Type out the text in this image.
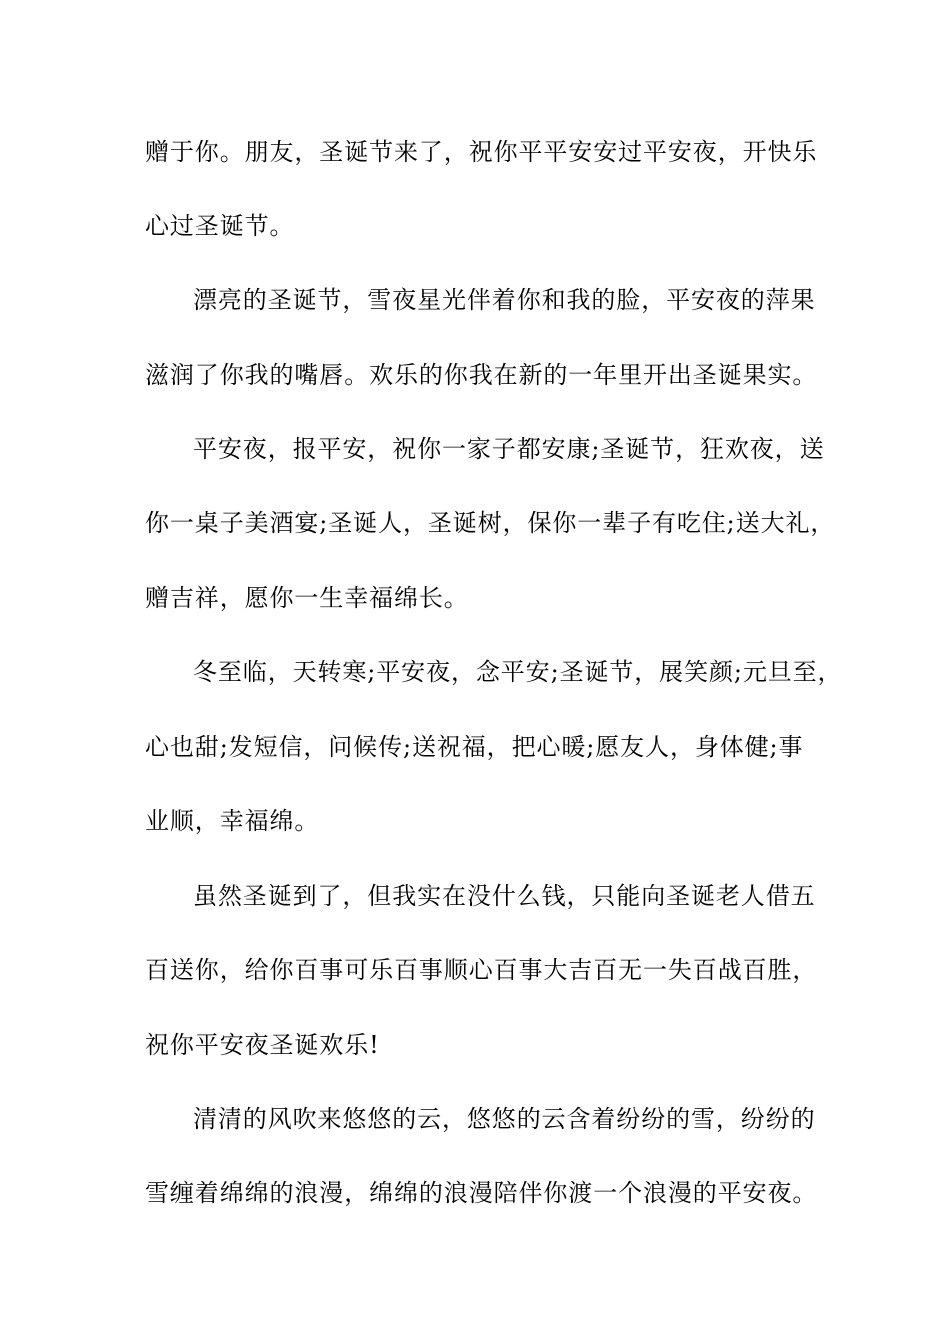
赠于你。朋友，圣诞节来了，祝你平平安安过平安夜，开快乐
心过圣诞节。
漂亮的圣诞节，雪夜星光伴着你和我的脸，平安夜的萍果
滋润了你我的嘴唇。欢乐的你我在新的一年里开出圣诞果实。
平安夜，报平安，祝你一家子都安康;圣诞节，狂欢夜，送
你一桌子美酒宴;圣诞人，圣诞树，保你一辈子有吃住;送大礼，
赠吉祥，愿你一生幸福绵长。
冬至临，天转寒;平安夜，念平安;圣诞节，展笑颜;元旦至，
心也甜;发短信，问候传;送祝福，把心暖;愿友人，身体健;事
业顺，幸福绵。
虽然圣诞到了，但我实在没什么钱，只能向圣诞老人借五
百送你，给你百事可乐百事顺心百事大吉百无一失百战百胜，
祝你平安夜圣诞欢乐!
清清的风吹来悠悠的云，悠悠的云含着纷纷的雪，纷纷的
雪缠着绵绵的浪漫，绵绵的浪漫陪伴你渡一个浪漫的平安夜。
